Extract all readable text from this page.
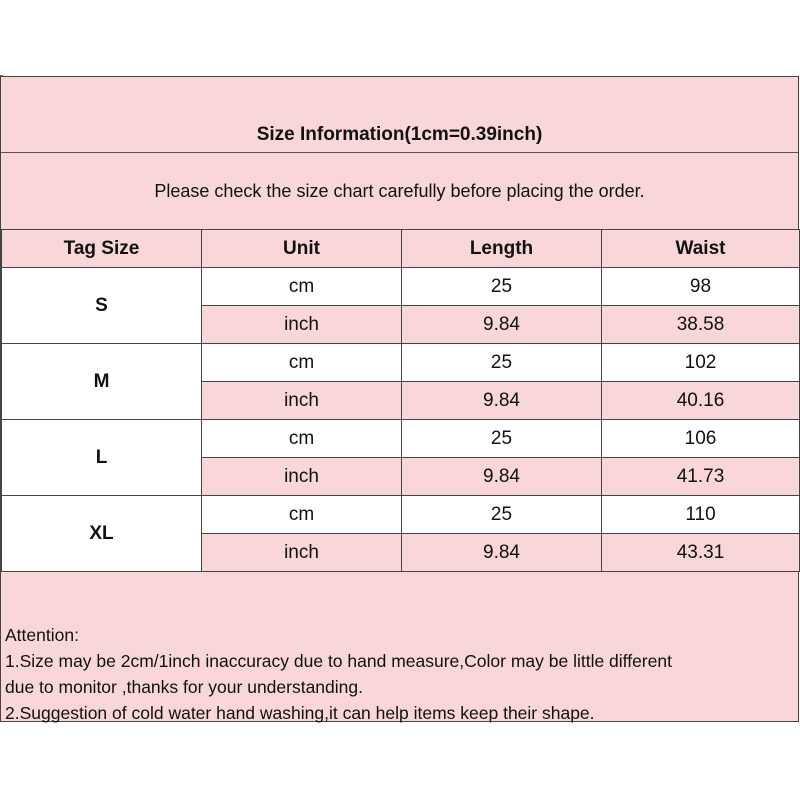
Size Information(1cm=0.39inch)
Please check the size chart carefully before placing the order.
Tag Size	Unit	Length	Waist
S	cm	25	98
	inch	9.84	38.58
M	cm	25	102
	inch	9.84	40.16
L	cm	25	106
	inch	9.84	41.73
XL	cm	25	110
	inch	9.84	43.31
Attention:
1.Size may be 2cm/1inch inaccuracy due to hand measure,Color may be little different
due to monitor ,thanks for your understanding.
2.Suggestion of cold water hand washing,it can help items keep their shape.
